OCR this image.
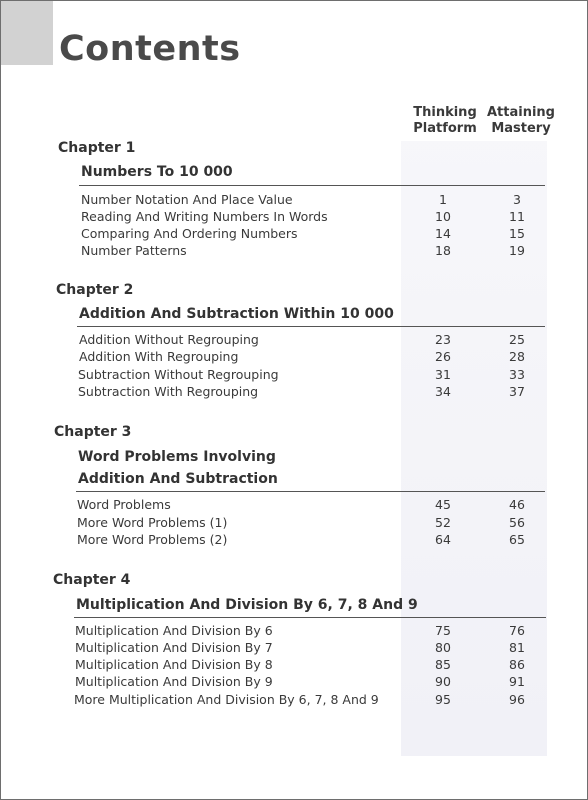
Contents
Thinking
Platform
Attaining
Mastery
Chapter 1
Numbers To 10 000
Number Notation And Place Value	1	3
Reading And Writing Numbers In Words	10	11
Comparing And Ordering Numbers	14	15
Number Patterns	18	19
Chapter 2
Addition And Subtraction Within 10 000
Addition Without Regrouping	23	25
Addition With Regrouping	26	28
Subtraction Without Regrouping	31	33
Subtraction With Regrouping	34	37
Chapter 3
Word Problems Involving
Addition And Subtraction
Word Problems	45	46
More Word Problems (1)	52	56
More Word Problems (2)	64	65
Chapter 4
Multiplication And Division By 6, 7, 8 And 9
Multiplication And Division By 6	75	76
Multiplication And Division By 7	80	81
Multiplication And Division By 8	85	86
Multiplication And Division By 9	90	91
More Multiplication And Division By 6, 7, 8 And 9	95	96
